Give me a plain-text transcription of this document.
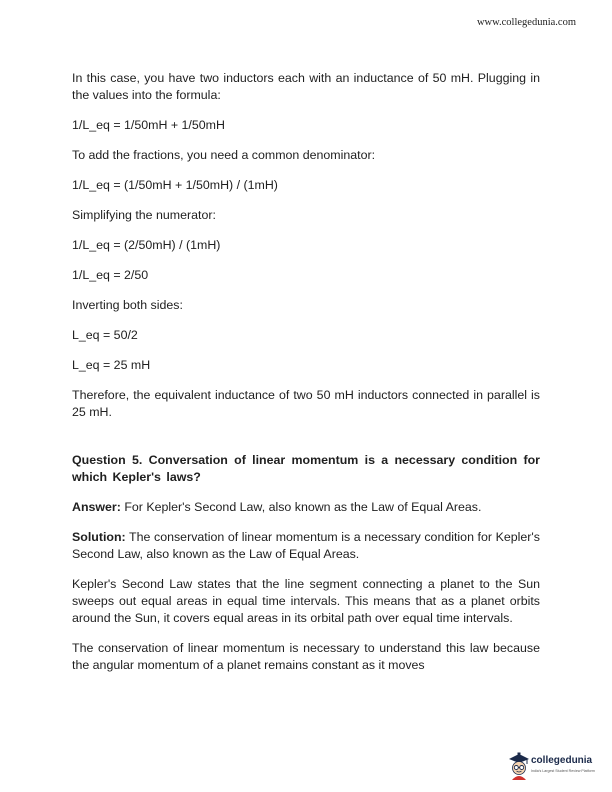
www.collegedunia.com

In this case, you have two inductors each with an inductance of 50 mH. Plugging in the values into the formula:

1/L_eq = 1/50mH + 1/50mH

To add the fractions, you need a common denominator:

1/L_eq = (1/50mH + 1/50mH) / (1mH)

Simplifying the numerator:

1/L_eq = (2/50mH) / (1mH)

1/L_eq = 2/50

Inverting both sides:

L_eq = 50/2

L_eq = 25 mH

Therefore, the equivalent inductance of two 50 mH inductors connected in parallel is 25 mH.

Question 5. Conversation of linear momentum is a necessary condition for which Kepler's laws?

Answer: For Kepler's Second Law, also known as the Law of Equal Areas.

Solution: The conservation of linear momentum is a necessary condition for Kepler's Second Law, also known as the Law of Equal Areas.

Kepler's Second Law states that the line segment connecting a planet to the Sun sweeps out equal areas in equal time intervals. This means that as a planet orbits around the Sun, it covers equal areas in its orbital path over equal time intervals.

The conservation of linear momentum is necessary to understand this law because the angular momentum of a planet remains constant as it moves

collegedunia
India's Largest Student Review Platform
